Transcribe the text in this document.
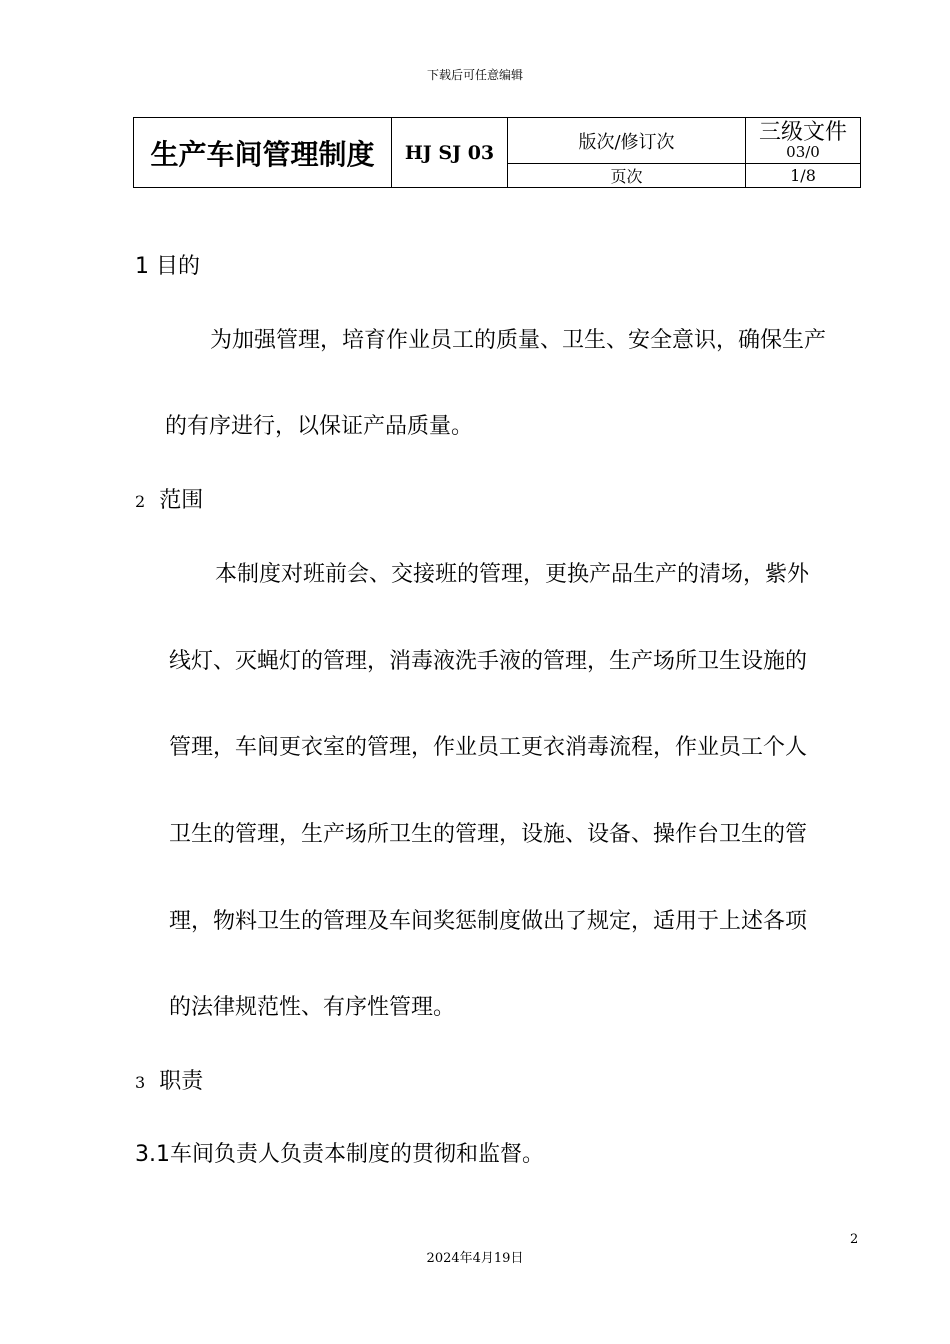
下载后可任意编辑
生产车间管理制度	HJ SJ 03	版次/修订次	三级文件
03/0

		页次	1/8
1 目的
为加强管理，培育作业员工的质量、卫生、安全意识，确保生产
的有序进行，以保证产品质量。
2 范围
本制度对班前会、交接班的管理，更换产品生产的清场，紫外
线灯、灭蝇灯的管理，消毒液洗手液的管理，生产场所卫生设施的
管理，车间更衣室的管理，作业员工更衣消毒流程，作业员工个人
卫生的管理，生产场所卫生的管理，设施、设备、操作台卫生的管
理，物料卫生的管理及车间奖惩制度做出了规定，适用于上述各项
的法律规范性、有序性管理。
3 职责
3.1车间负责人负责本制度的贯彻和监督。
2
2024年4月19日
